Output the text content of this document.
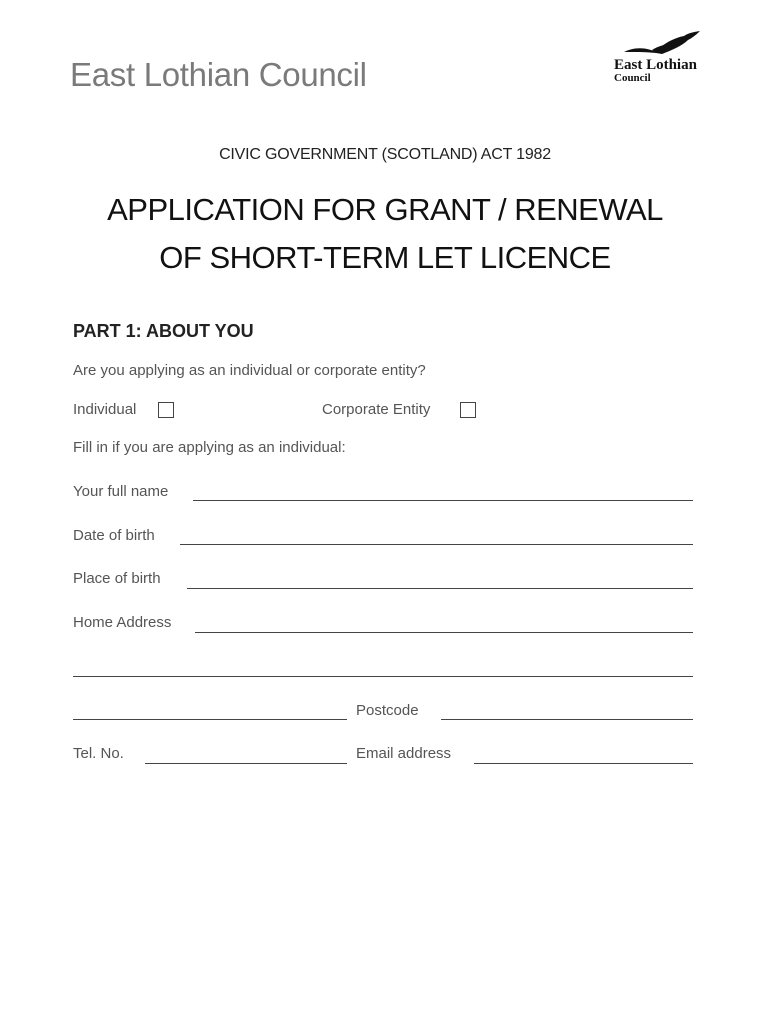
East Lothian Council	East Lothian
Council
CIVIC GOVERNMENT (SCOTLAND) ACT 1982
APPLICATION FOR GRANT / RENEWAL
OF SHORT-TERM LET LICENCE
PART 1: ABOUT YOU
Are you applying as an individual or corporate entity?
Individual	Corporate Entity
Fill in if you are applying as an individual:
Your full name
Date of birth
Place of birth
Home Address
Postcode
Tel. No.	Email address
